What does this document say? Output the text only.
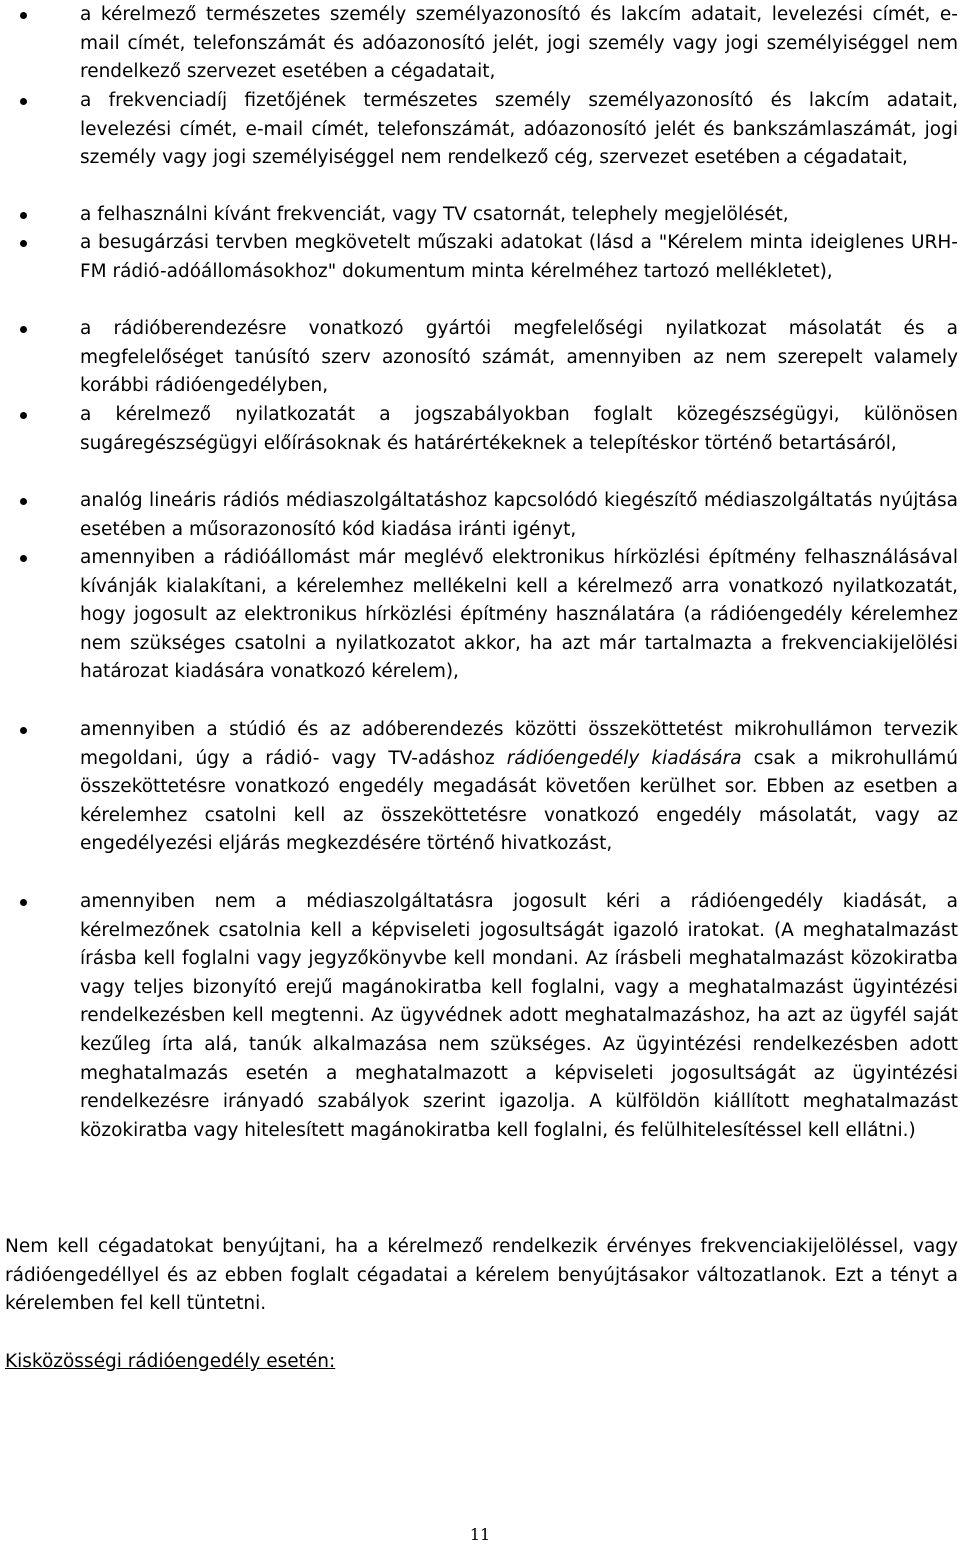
a kérelmező természetes személy személyazonosító és lakcím adatait, levelezési címét, e-mail címét, telefonszámát és adóazonosító jelét, jogi személy vagy jogi személyiséggel nem rendelkező szervezet esetében a cégadatait,
a frekvenciadíj fizetőjének természetes személy személyazonosító és lakcím adatait, levelezési címét, e-mail címét, telefonszámát, adóazonosító jelét és bankszámlaszámát, jogi személy vagy jogi személyiséggel nem rendelkező cég, szervezet esetében a cégadatait,
a felhasználni kívánt frekvenciát, vagy TV csatornát, telephely megjelölését,
a besugárzási tervben megkövetelt műszaki adatokat (lásd a "Kérelem minta ideiglenes URH-FM rádió-adóállomásokhoz" dokumentum minta kérelméhez tartozó mellékletet),
a rádióberendezésre vonatkozó gyártói megfelelőségi nyilatkozat másolatát és a megfelelőséget tanúsító szerv azonosító számát, amennyiben az nem szerepelt valamely korábbi rádióengedélyben,
a kérelmező nyilatkozatát a jogszabályokban foglalt közegészségügyi, különösen sugáregészségügyi előírásoknak és határértékeknek a telepítéskor történő betartásáról,
analóg lineáris rádiós médiaszolgáltatáshoz kapcsolódó kiegészítő médiaszolgáltatás nyújtása esetében a műsorazonosító kód kiadása iránti igényt,
amennyiben a rádióállomást már meglévő elektronikus hírközlési építmény felhasználásával kívánják kialakítani, a kérelemhez mellékelni kell a kérelmező arra vonatkozó nyilatkozatát, hogy jogosult az elektronikus hírközlési építmény használatára (a rádióengedély kérelemhez nem szükséges csatolni a nyilatkozatot akkor, ha azt már tartalmazta a frekvenciakijelölési határozat kiadására vonatkozó kérelem),
amennyiben a stúdió és az adóberendezés közötti összeköttetést mikrohullámon tervezik megoldani, úgy a rádió- vagy TV-adáshoz rádióengedély kiadására csak a mikrohullámú összeköttetésre vonatkozó engedély megadását követően kerülhet sor. Ebben az esetben a kérelemhez csatolni kell az összeköttetésre vonatkozó engedély másolatát, vagy az engedélyezési eljárás megkezdésére történő hivatkozást,
amennyiben nem a médiaszolgáltatásra jogosult kéri a rádióengedély kiadását, a kérelmezőnek csatolnia kell a képviseleti jogosultságát igazoló iratokat. (A meghatalmazást írásba kell foglalni vagy jegyzőkönyvbe kell mondani. Az írásbeli meghatalmazást közokiratba vagy teljes bizonyító erejű magánokiratba kell foglalni, vagy a meghatalmazást ügyintézési rendelkezésben kell megtenni. Az ügyvédnek adott meghatalmazáshoz, ha azt az ügyfél saját kezűleg írta alá, tanúk alkalmazása nem szükséges. Az ügyintézési rendelkezésben adott meghatalmazás esetén a meghatalmazott a képviseleti jogosultságát az ügyintézési rendelkezésre irányadó szabályok szerint igazolja. A külföldön kiállított meghatalmazást közokiratba vagy hitelesített magánokiratba kell foglalni, és felülhitelesítéssel kell ellátni.)

Nem kell cégadatokat benyújtani, ha a kérelmező rendelkezik érvényes frekvenciakijelöléssel, vagy rádióengedéllyel és az ebben foglalt cégadatai a kérelem benyújtásakor változatlanok. Ezt a tényt a kérelemben fel kell tüntetni.

Kisközösségi rádióengedély esetén:

11
